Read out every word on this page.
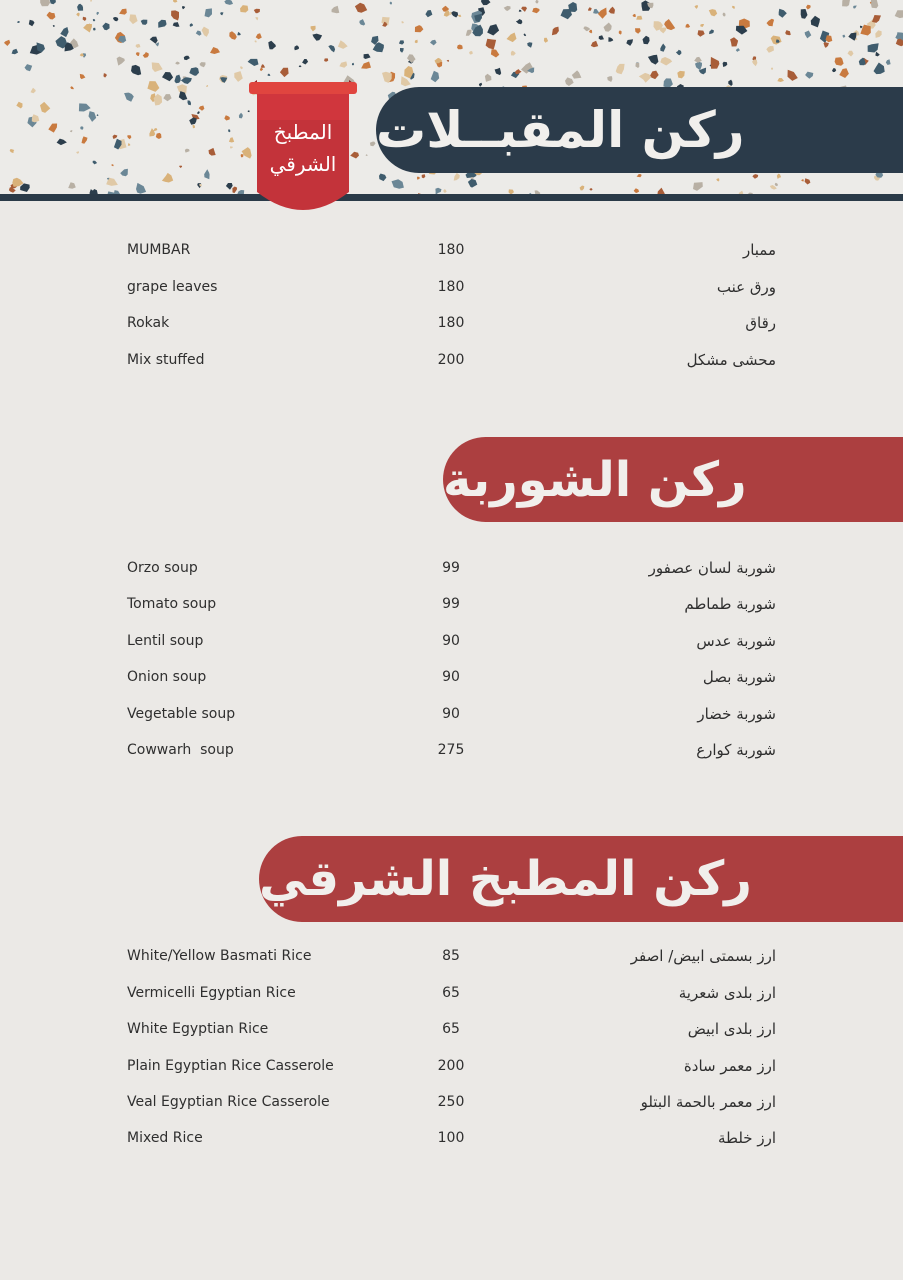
ركن المقبــلات
المطبخ
الشرقي
MUMBAR	180	ممبار
grape leaves	180	ورق عنب
Rokak	180	رقاق
Mix stuffed	200	محشى مشكل
ركن الشوربة
Orzo soup	99	شوربة لسان عصفور
Tomato soup	99	شوربة طماطم
Lentil soup	90	شوربة عدس
Onion soup	90	شوربة بصل
Vegetable soup	90	شوربة خضار
Cowwarh  soup	275	شوربة كوارع
ركن المطبخ الشرقي
White/Yellow Basmati Rice	85	ارز بسمتى ابيض/ اصفر
Vermicelli Egyptian Rice	65	ارز بلدى شعرية
White Egyptian Rice	65	ارز بلدى ابيض
Plain Egyptian Rice Casserole	200	ارز معمر سادة
Veal Egyptian Rice Casserole	250	ارز معمر بالحمة البتلو
Mixed Rice	100	ارز خلطة
